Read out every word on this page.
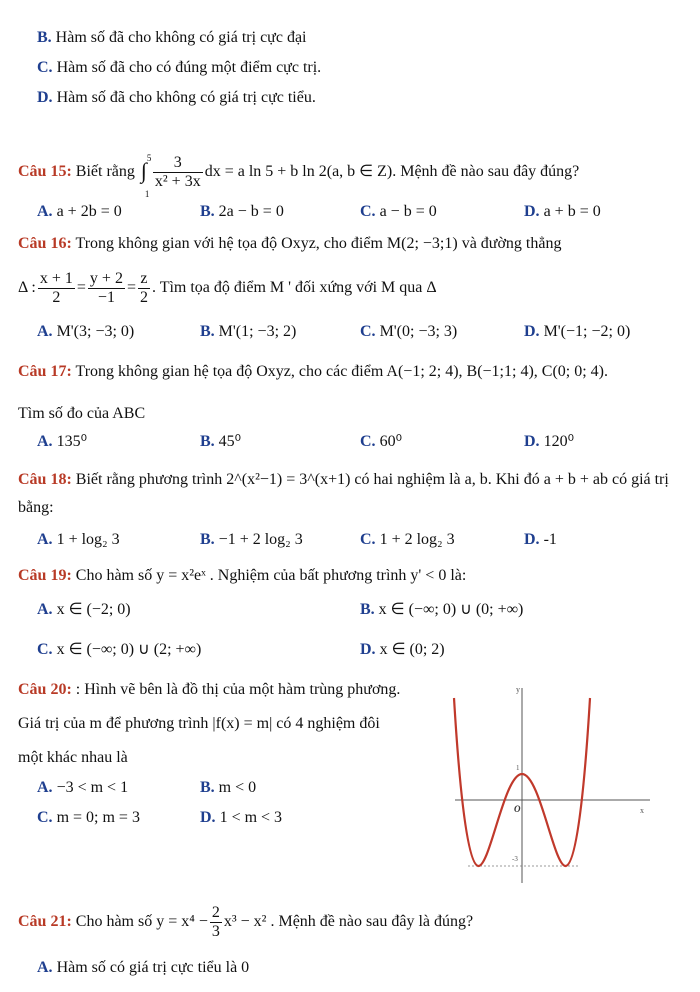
B. Hàm số đã cho không có giá trị cực đại
C. Hàm số đã cho có đúng một điểm cực trị.
D. Hàm số đã cho không có giá trị cực tiểu.
Câu 15:
Biết rằng
∫ 5
1
$\frac{3}{\text{x² + 3x}}$ dx = a ln 5 + b ln 2(a, b ∈ Z). Mệnh đề nào sau đây đúng?
A. a + 2b = 0	B. 2a − b = 0	C. a − b = 0	D. a + b = 0
Câu 16: Trong không gian với hệ tọa độ Oxyz, cho điểm M(2; −3;1) và đường thẳng
Δ : $\frac{x + 1}{2} = \frac{y + 2}{-1} = \frac{z}{2}$ . Tìm tọa độ điểm M ' đối xứng với M qua Δ
A. M'(3; −3; 0)	B. M'(1; −3; 2)	C. M'(0; −3; 3)	D. M'(−1; −2; 0)
Câu 17: Trong không gian hệ tọa độ Oxyz, cho các điểm A(−1; 2; 4), B(−1;1; 4), C(0; 0; 4).
Tìm số đo của ABC
A. 135⁰	B. 45⁰	C. 60⁰	D. 120⁰
Câu 18: Biết rằng phương trình 2^(x²−1) = 3^(x+1) có hai nghiệm là a, b. Khi đó a + b + ab có giá trị
bằng:
A. 1 + log₂ 3	B. −1 + 2 log₂ 3	C. 1 + 2 log₂ 3	D. -1
Câu 19: Cho hàm số y = x²eˣ . Nghiệm của bất phương trình y' < 0 là:
A. x ∈ (−2; 0)	B. x ∈ (−∞; 0) ∪ (0; +∞)
C. x ∈ (−∞; 0) ∪ (2; +∞)	D. x ∈ (0; 2)
Câu 20: : Hình vẽ bên là đồ thị của một hàm trùng phương.
Giá trị của m để phương trình |f(x) = m| có 4 nghiệm đôi
một khác nhau là
A. −3 < m < 1	B. m < 0
C. m = 0; m = 3	D. 1 < m < 3
y
x
O
1
-3
Câu 21:
Cho hàm số $y = x^4 - \frac{2}{3} x^3 - x^2$ . Mệnh đề nào sau đây là đúng?
A. Hàm số có giá trị cực tiểu là 0
